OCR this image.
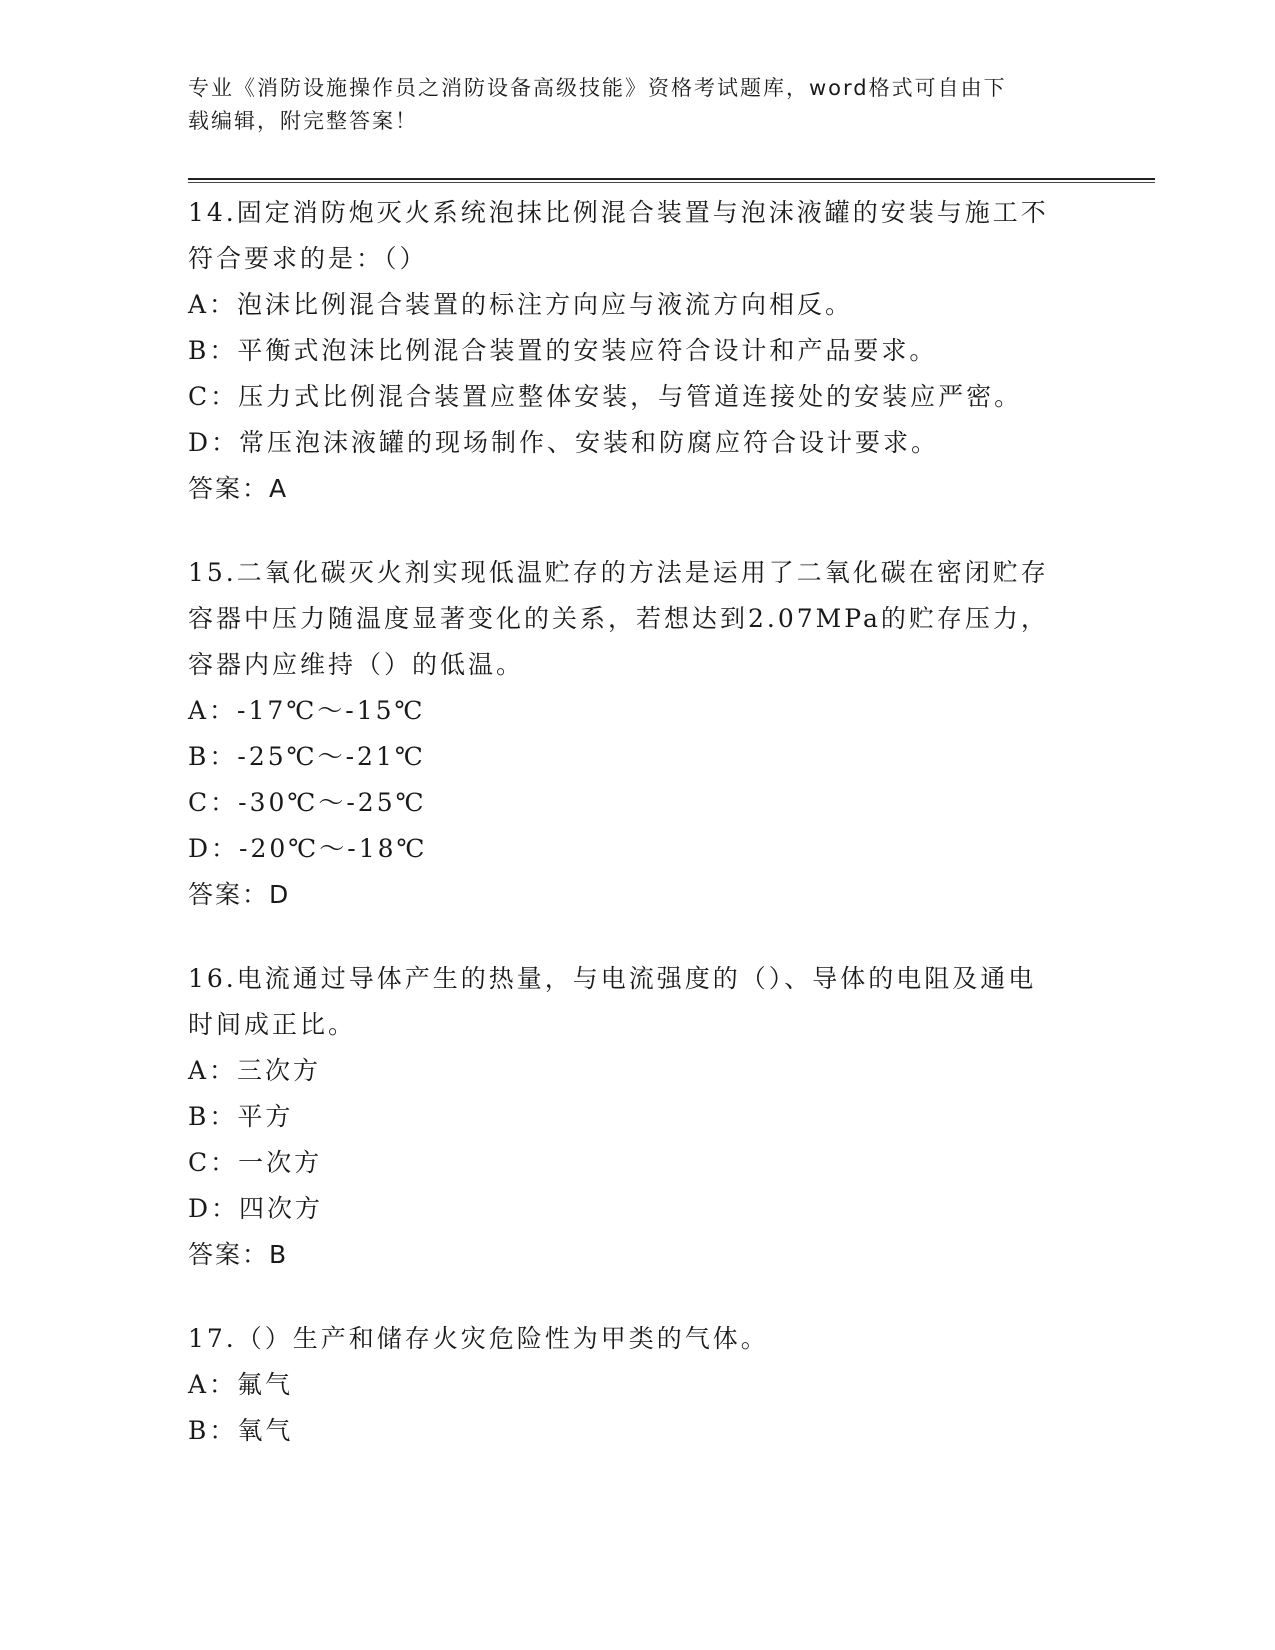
专业《消防设施操作员之消防设备高级技能》资格考试题库，word格式可自由下
载编辑，附完整答案！
14.固定消防炮灭火系统泡抹比例混合装置与泡沫液罐的安装与施工不
符合要求的是：（）
A：泡沫比例混合装置的标注方向应与液流方向相反。
B：平衡式泡沫比例混合装置的安装应符合设计和产品要求。
C：压力式比例混合装置应整体安装，与管道连接处的安装应严密。
D：常压泡沫液罐的现场制作、安装和防腐应符合设计要求。
答案：A
15.二氧化碳灭火剂实现低温贮存的方法是运用了二氧化碳在密闭贮存
容器中压力随温度显著变化的关系，若想达到2.07MPa的贮存压力，
容器内应维持（）的低温。
A：-17℃～-15℃
B：-25℃～-21℃
C：-30℃～-25℃
D：-20℃～-18℃
答案：D
16.电流通过导体产生的热量，与电流强度的（）、导体的电阻及通电
时间成正比。
A：三次方
B：平方
C：一次方
D：四次方
答案：B
17.（）生产和储存火灾危险性为甲类的气体。
A：氟气
B：氧气
